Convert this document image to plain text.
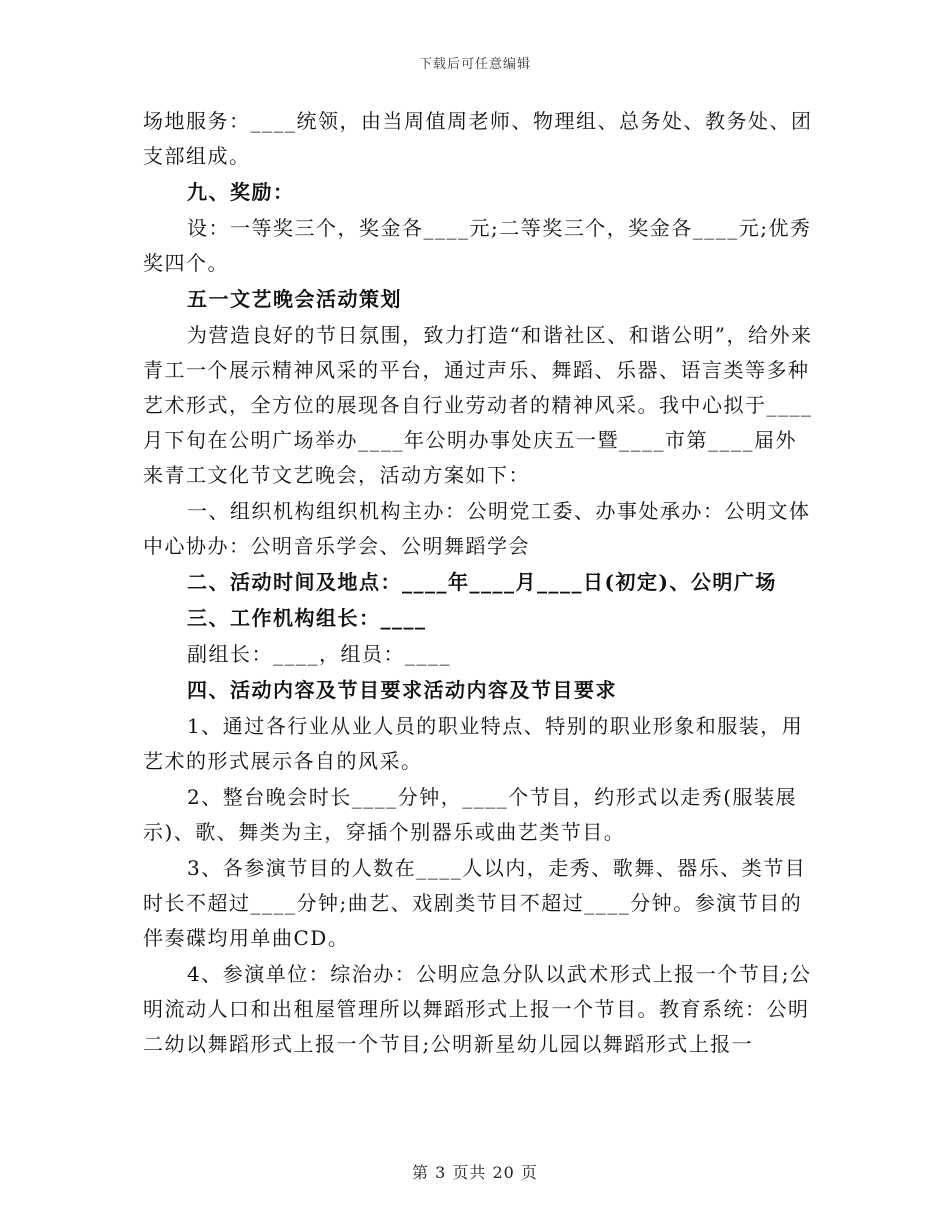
下载后可任意编辑

场地服务：____统领，由当周值周老师、物理组、总务处、教务处、团支部组成。

九、奖励：

设：一等奖三个，奖金各____元;二等奖三个，奖金各____元;优秀奖四个。

五一文艺晚会活动策划

为营造良好的节日氛围，致力打造“和谐社区、和谐公明”，给外来青工一个展示精神风采的平台，通过声乐、舞蹈、乐器、语言类等多种艺术形式，全方位的展现各自行业劳动者的精神风采。我中心拟于____月下旬在公明广场举办____年公明办事处庆五一暨____市第____届外来青工文化节文艺晚会，活动方案如下：

一、组织机构组织机构主办：公明党工委、办事处承办：公明文体中心协办：公明音乐学会、公明舞蹈学会

二、活动时间及地点：____年____月____日(初定)、公明广场

三、工作机构组长：____

副组长：____，组员：____

四、活动内容及节目要求活动内容及节目要求

1、通过各行业从业人员的职业特点、特别的职业形象和服装，用艺术的形式展示各自的风采。

2、整台晚会时长____分钟，____个节目，约形式以走秀(服装展示)、歌、舞类为主，穿插个别器乐或曲艺类节目。

3、各参演节目的人数在____人以内，走秀、歌舞、器乐、类节目时长不超过____分钟;曲艺、戏剧类节目不超过____分钟。参演节目的伴奏碟均用单曲CD。

4、参演单位：综治办：公明应急分队以武术形式上报一个节目;公明流动人口和出租屋管理所以舞蹈形式上报一个节目。教育系统：公明二幼以舞蹈形式上报一个节目;公明新星幼儿园以舞蹈形式上报一

第 3 页共 20 页
